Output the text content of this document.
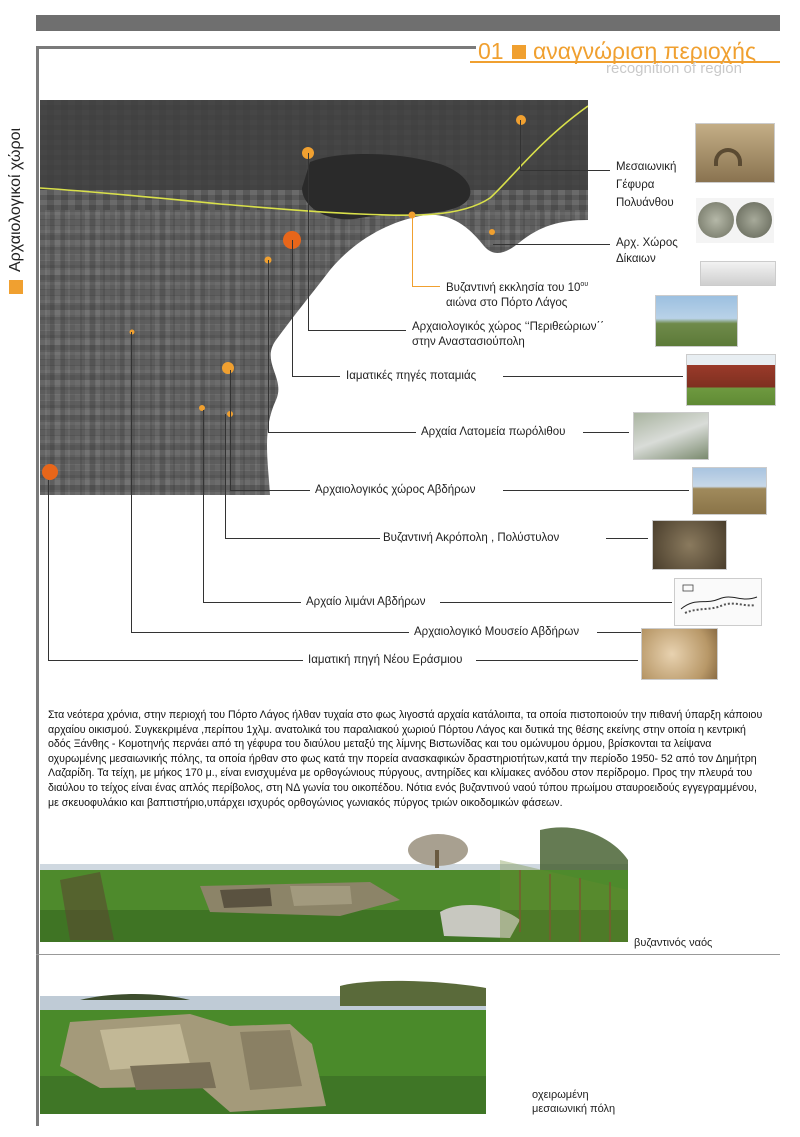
01 αναγνώριση περιοχής
recognition of region
Αρχαιολογικοί χώροι	Μεσαιωνική
Γέφυρα
Πολυάνθου
Αρχ. Χώρος
Δίκαιων
Βυζαντινή εκκλησία του $10^{o\upsilon}$
αιώνα στο Πόρτο Λάγος
Αρχαιολογικός χώρος ‘‘Περιθεώριων΄΄
στην Αναστασιούπολη
Ιαματικές πηγές ποταμιάς
Αρχαία Λατομεία πωρόλιθου
Αρχαιολογικός χώρος Αβδήρων
Βυζαντινή Ακρόπολη , Πολύστυλον
Αρχαίο λιμάνι Αβδήρων
Αρχαιολογικό Μουσείο Αβδήρων
Ιαματική πηγή Νέου Εράσμιου
Στα νεότερα χρόνια, στην περιοχή του Πόρτο Λάγος ήλθαν τυχαία στο φως λιγοστά αρχαία κατάλοιπα, τα οποία πιστοποιούν την πιθανή ύπαρξη κάποιου αρχαίου οικισμού. Συγκεκριμένα ,περίπου 1χλμ. ανατολικά του παραλιακού χωριού Πόρτου Λάγος και δυτικά της θέσης εκείνης στην οποία η κεντρική οδός Ξάνθης - Κομοτηνής περνάει από τη γέφυρα του διαύλου μεταξύ της λίμνης Βιστωνίδας και του ομώνυμου όρμου, βρίσκονται τα λείψανα οχυρωμένης μεσαιωνικής πόλης, τα οποία ήρθαν στο φως κατά την πορεία ανασκαφικών δραστηριοτήτων,κατά την περίοδο 1950- 52 από τον Δημήτρη Λαζαρίδη. Τα τείχη, με μήκος 170 μ., είναι ενισχυμένα με ορθογώνιους πύργους, αντηρίδες και κλίμακες ανόδου στον περίδρομο. Προς την πλευρά του διαύλου το τείχος είναι ένας απλός περίβολος, στη ΝΔ γωνία του οικοπέδου. Νότια ενός βυζαντινού ναού τύπου πρωίμου σταυροειδούς εγγεγραμμένου, με σκευοφυλάκιο και βαπτιστήριο,υπάρχει ισχυρός ορθογώνιος γωνιακός πύργος τριών οικοδομικών φάσεων.
βυζαντινός ναός
οχειρωμένη
μεσαιωνική πόλη
